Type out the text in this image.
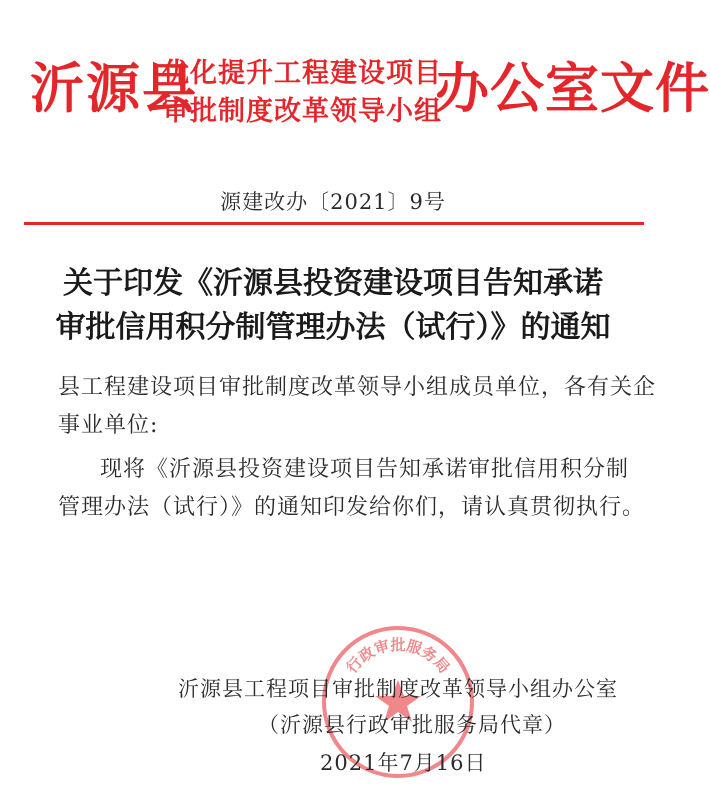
沂源县
优化提升工程建设项目
审批制度改革领导小组
办公室文件
源建改办〔2021〕9号
关于印发《沂源县投资建设项目告知承诺
审批信用积分制管理办法（试行）》的通知
县工程建设项目审批制度改革领导小组成员单位，各有关企
事业单位:
现将《沂源县投资建设项目告知承诺审批信用积分制
管理办法（试行）》的通知印发给你们，请认真贯彻执行。
行政审批服务局
沂源县工程项目审批制度改革领导小组办公室
（沂源县行政审批服务局代章）
2021年7月16日
